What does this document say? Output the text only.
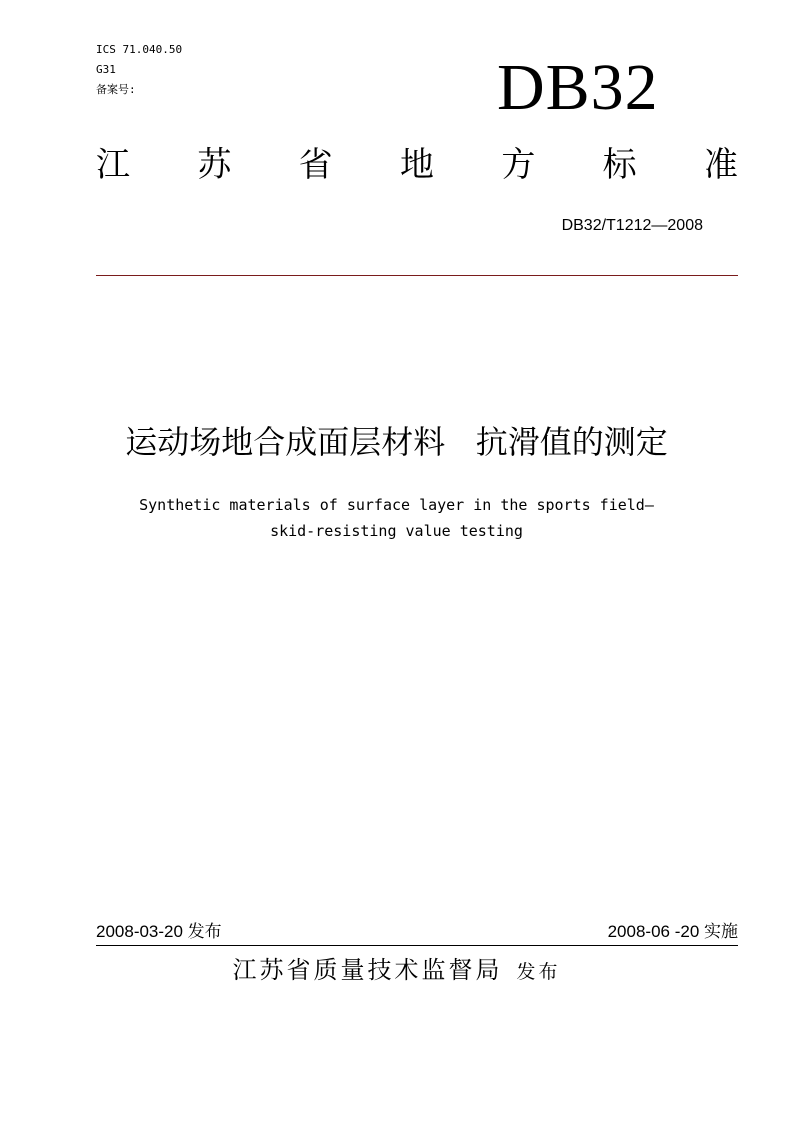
ICS 71.040.50
G31
备案号:	DB32
江 苏 省 地 方 标 准
DB32/T1212—2008
运动场地合成面层材料   抗滑值的测定
Synthetic materials of surface layer in the sports field—
skid-resisting value testing
2008-03-20 发布	2008-06 -20 实施
江苏省质量技术监督局 发布
